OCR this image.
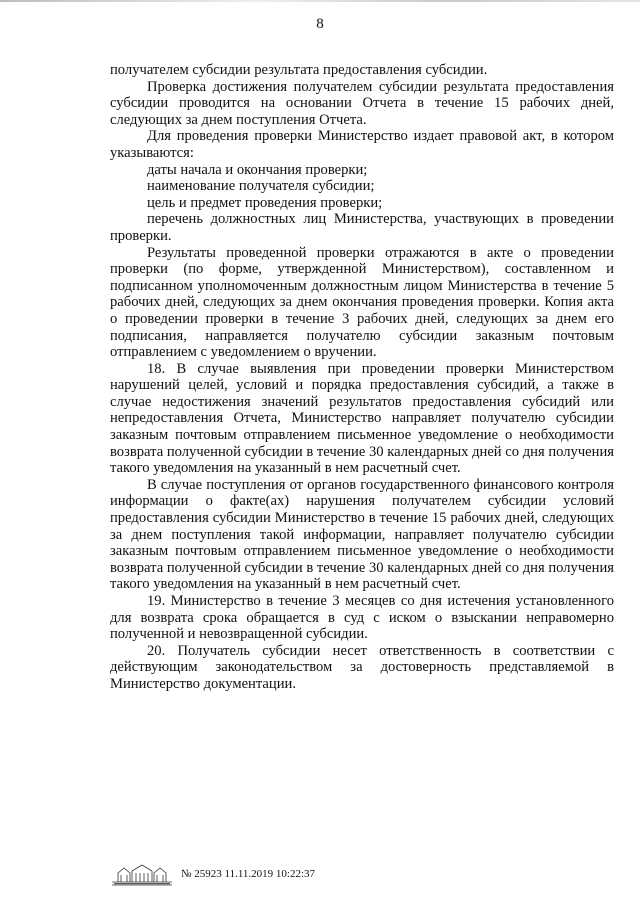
8

получателем субсидии результата предоставления субсидии.

Проверка достижения получателем субсидии результата предоставления субсидии проводится на основании Отчета в течение 15 рабочих дней, следующих за днем поступления Отчета.

Для проведения проверки Министерство издает правовой акт, в котором указываются:

даты начала и окончания проверки;

наименование получателя субсидии;

цель и предмет проведения проверки;

перечень должностных лиц Министерства, участвующих в проведении проверки.

Результаты проведенной проверки отражаются в акте о проведении проверки (по форме, утвержденной Министерством), составленном и подписанном уполномоченным должностным лицом Министерства в течение 5 рабочих дней, следующих за днем окончания проведения проверки. Копия акта о проведении проверки в течение 3 рабочих дней, следующих за днем его подписания, направляется получателю субсидии заказным почтовым отправлением с уведомлением о вручении.

18. В случае выявления при проведении проверки Министерством нарушений целей, условий и порядка предоставления субсидий, а также в случае недостижения значений результатов предоставления субсидий или непредоставления Отчета, Министерство направляет получателю субсидии заказным почтовым отправлением письменное уведомление о необходимости возврата полученной субсидии в течение 30 календарных дней со дня получения такого уведомления на указанный в нем расчетный счет.

В случае поступления от органов государственного финансового контроля информации о факте(ах) нарушения получателем субсидии условий предоставления субсидии Министерство в течение 15 рабочих дней, следующих за днем поступления такой информации, направляет получателю субсидии заказным почтовым отправлением письменное уведомление о необходимости возврата полученной субсидии в течение 30 календарных дней со дня получения такого уведомления на указанный в нем расчетный счет.

19. Министерство в течение 3 месяцев со дня истечения установленного для возврата срока обращается в суд с иском о взыскании неправомерно полученной и невозвращенной субсидии.

20. Получатель субсидии несет ответственность в соответствии с действующим законодательством за достоверность представляемой в Министерство документации.

№ 25923 11.11.2019 10:22:37
